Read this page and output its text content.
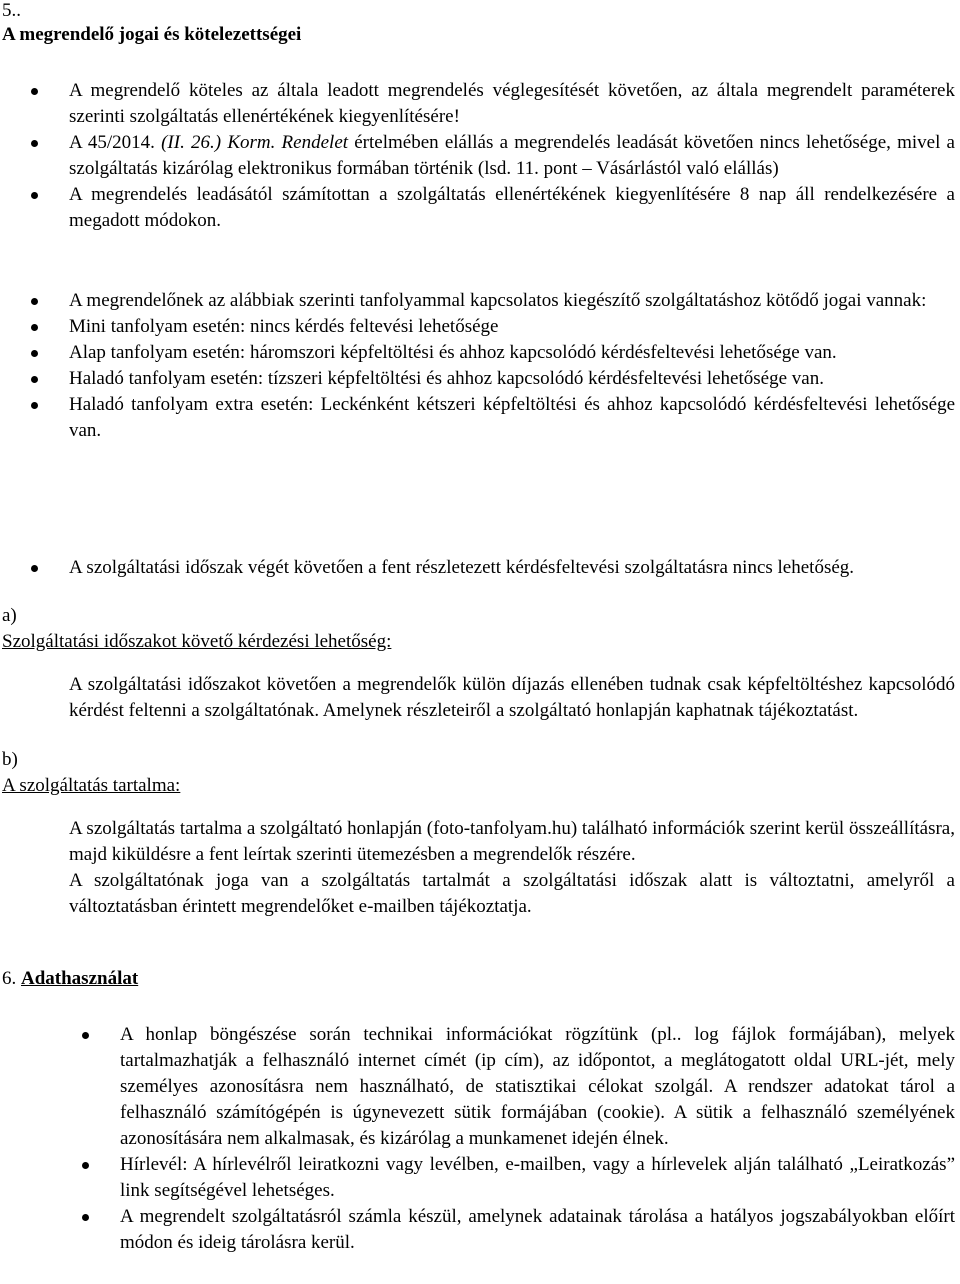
5..
A megrendelő jogai és kötelezettségei
A megrendelő köteles az általa leadott megrendelés véglegesítését követően, az általa megrendelt paraméterek szerinti szolgáltatás ellenértékének kiegyenlítésére!
A 45/2014. (II. 26.) Korm. Rendelet értelmében elállás a megrendelés leadását követően nincs lehetősége, mivel a szolgáltatás kizárólag elektronikus formában történik (lsd. 11. pont – Vásárlástól való elállás)
A megrendelés leadásától számítottan a szolgáltatás ellenértékének kiegyenlítésére 8 nap áll rendelkezésére a megadott módokon.
A megrendelőnek az alábbiak szerinti tanfolyammal kapcsolatos kiegészítő szolgáltatáshoz kötődő jogai vannak:
Mini tanfolyam esetén: nincs kérdés feltevési lehetősége
Alap tanfolyam esetén: háromszori képfeltöltési és ahhoz kapcsolódó kérdésfeltevési lehetősége van.
Haladó tanfolyam esetén: tízszeri képfeltöltési és ahhoz kapcsolódó kérdésfeltevési lehetősége van.
Haladó tanfolyam extra esetén: Leckénként kétszeri képfeltöltési és ahhoz kapcsolódó kérdésfeltevési lehetősége van.
A szolgáltatási időszak végét követően a fent részletezett kérdésfeltevési szolgáltatásra nincs lehetőség.
a)
Szolgáltatási időszakot követő kérdezési lehetőség:
A szolgáltatási időszakot követően a megrendelők külön díjazás ellenében tudnak csak képfeltöltéshez kapcsolódó kérdést feltenni a szolgáltatónak. Amelynek részleteiről a szolgáltató honlapján kaphatnak tájékoztatást.
b)
A szolgáltatás tartalma:
A szolgáltatás tartalma a szolgáltató honlapján (foto-tanfolyam.hu) található információk szerint kerül összeállításra, majd kiküldésre a fent leírtak szerinti ütemezésben a megrendelők részére.
A szolgáltatónak joga van a szolgáltatás tartalmát a szolgáltatási időszak alatt is változtatni, amelyről a változtatásban érintett megrendelőket e-mailben tájékoztatja.
6. Adathasználat
A honlap böngészése során technikai információkat rögzítünk (pl.. log fájlok formájában), melyek tartalmazhatják a felhasználó internet címét (ip cím), az időpontot, a meglátogatott oldal URL-jét, mely személyes azonosításra nem használható, de statisztikai célokat szolgál. A rendszer adatokat tárol a felhasználó számítógépén is úgynevezett sütik formájában (cookie). A sütik a felhasználó személyének azonosítására nem alkalmasak, és kizárólag a munkamenet idején élnek.
Hírlevél: A hírlevélről leiratkozni vagy levélben, e-mailben, vagy a hírlevelek alján található „Leiratkozás” link segítségével lehetséges.
A megrendelt szolgáltatásról számla készül, amelynek adatainak tárolása a hatályos jogszabályokban előírt módon és ideig tárolásra kerül.
